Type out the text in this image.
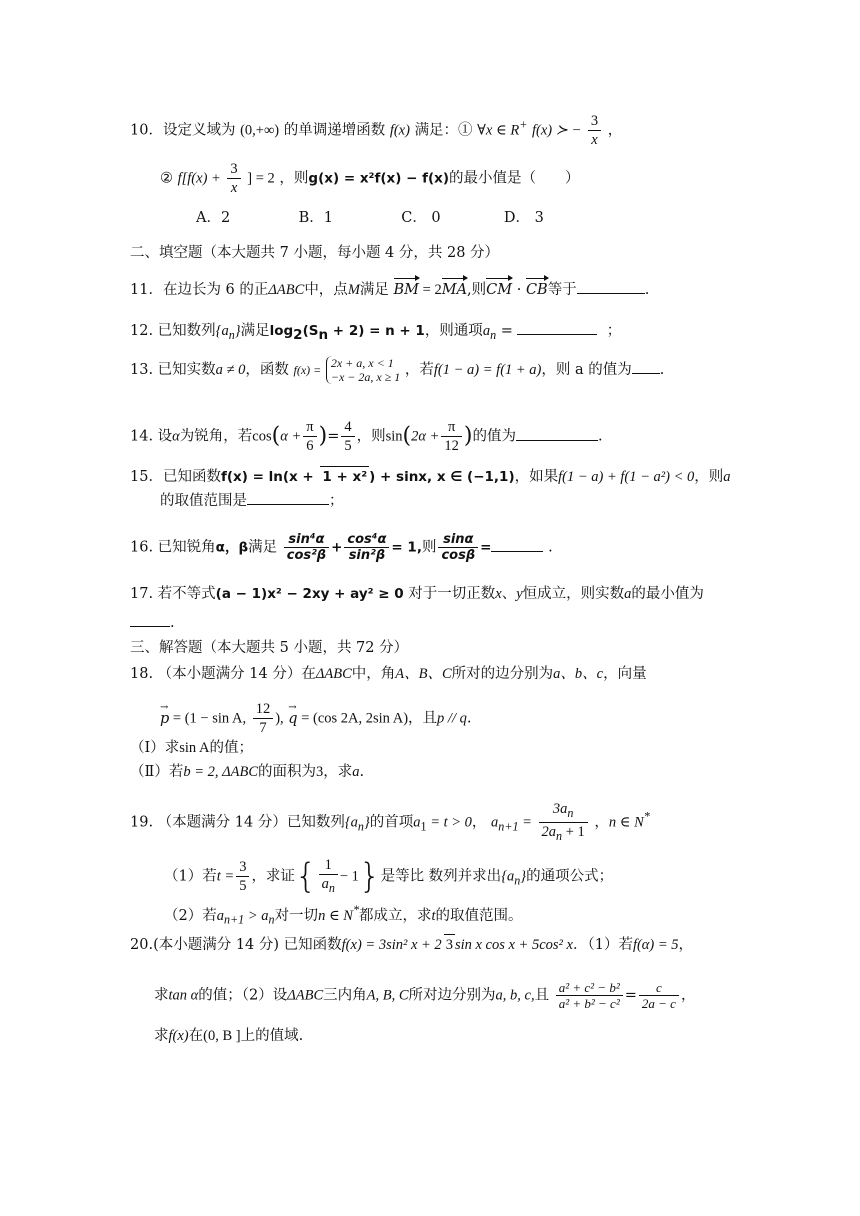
10．设定义域为 (0,+∞) 的单调递增函数 f(x) 满足：① ∀x ∈ R+ f(x) ≻ − $\frac{3}{x}$ ，
② $f[f(x) + \frac{3}{x}$ ] = 2 ，则g(x) = x²f(x) − f(x)的最小值是（　　）
A．2	B．1	C． 0	D． 3
二、填空题（本大题共 7 小题，每小题 4 分，共 28 分）
11．在边长为 6 的正ΔABC中，点M满足 BM = 2MA,则CM · CB等于	.
12. 已知数列$\{a_n\}$满足$\log_2(S_n + 2) = n + 1$，则通项$a_n$ =	；
13. 已知实数a ≠ 0，函数 f(x) = 2x + a, x < 1
−x − 2a, x ≥ 1 ，若f(1 − a) = f(1 + a)，则 a 的值为 .
14. 设α为锐角，若$\cos(\alpha + \frac{\pi}{6}$ )= $\frac{4}{5}$ ，则$\sin(2\alpha + \frac{\pi}{12}$ )的值为	.
15．已知函数f(x) = ln(x + 1 + x² ) + sinx, x ∈ (−1,1)，如果f(1 − a) + f(1 − a²) < 0，则a
的取值范围是	；
16. 已知锐角α，β满足 $\frac{\text{sin⁴α}}{\text{cos²β}} + \frac{\text{cos⁴α}}{\text{sin²β}} = 1$,则 $\frac{\sin\alpha}{\cos\beta}$ =	.
17. 若不等式(a − 1)x² − 2xy + ay² ≥ 0 对于一切正数x、y恒成立，则实数a的最小值为
.
三、解答题（本大题共 5 小题，共 72 分）
18. （本小题满分 14 分）在ΔABC中，角A、B、C所对的边分别为a、b、c，向量
p → = (1 − sin A, $\frac{12}{7}$ ), q → = (cos 2A, 2sin A)，且p // q.
（Ⅰ）求sin A的值；
（Ⅱ）若b = 2, ΔABC的面积为3，求a.
19. （本题满分 14 分）已知数列$\{a_n\}$的首项$a_1 = t > 0$， $a_{n+1} = \frac{3a_n}{2a_n + 1}$ ，n ∈ N*
（1）若$t = \frac{3}{5}$ ，求证{ $\frac{1}{a_n} - 1$}是等比 数列并求出$\{a_n\}$的通项公式；
（2）若$a_{n+1} > a_n$对一切n ∈ N*都成立，求t的取值范围。
20.(本小题满分 14 分) 已知函数f(x) = 3sin² x + 2 3 sin x cos x + 5cos² x．（1）若f(α) = 5，
求tan α的值；（2）设ΔABC三内角A, B, C所对边分别为a, b, c,且 $\frac{\text{a² + c² − b²}}{\text{a² + b² − c²}} = \frac{c}{2a - c}$ ，
求f(x)在(0, B ]上的值域.
